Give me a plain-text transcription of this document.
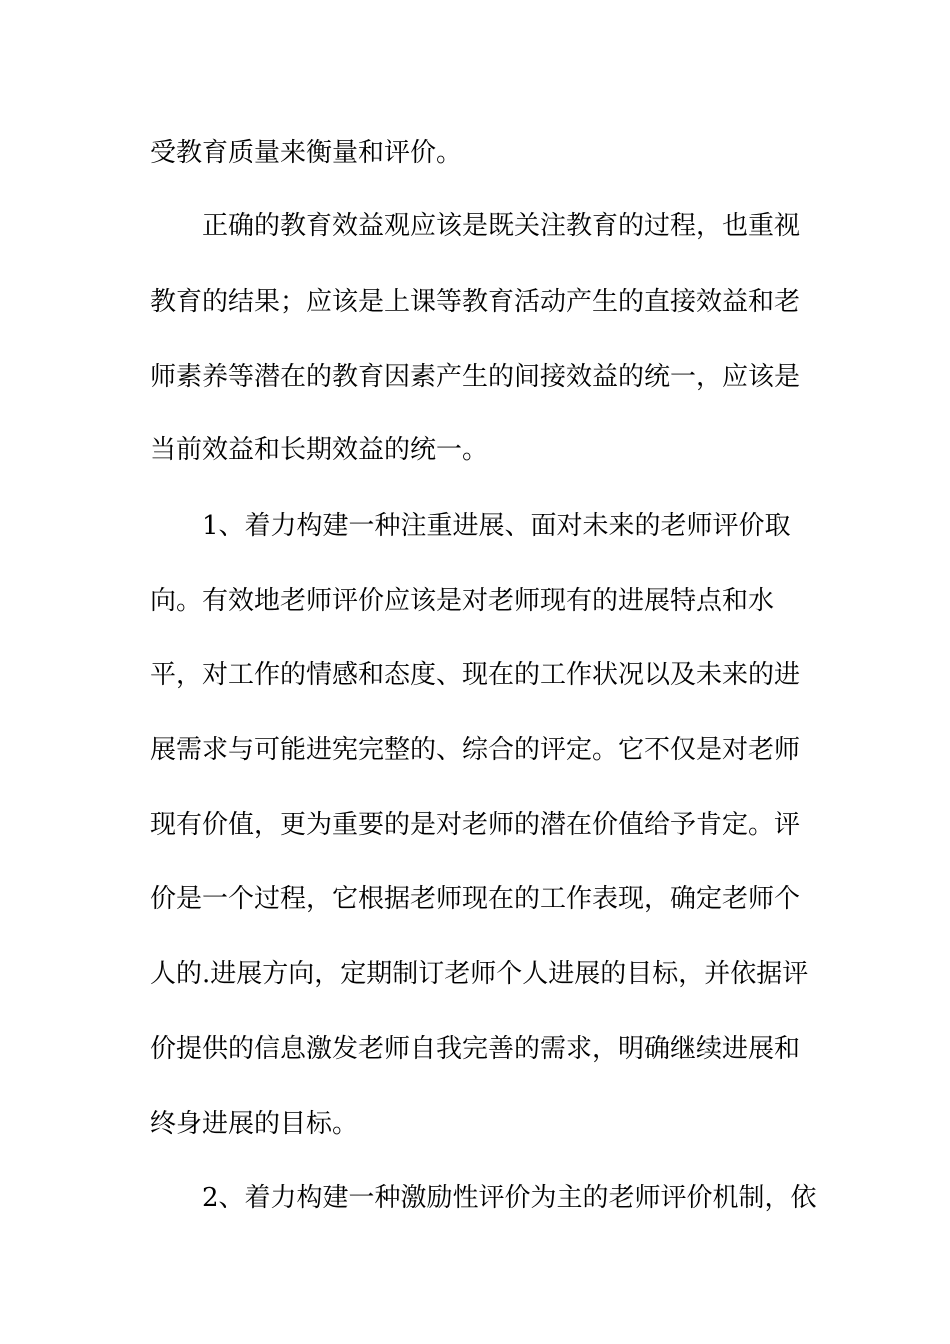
受教育质量来衡量和评价。
正确的教育效益观应该是既关注教育的过程，也重视
教育的结果；应该是上课等教育活动产生的直接效益和老
师素养等潜在的教育因素产生的间接效益的统一，应该是
当前效益和长期效益的统一。
1、着力构建一种注重进展、面对未来的老师评价取
向。有效地老师评价应该是对老师现有的进展特点和水
平，对工作的情感和态度、现在的工作状况以及未来的进
展需求与可能进宪完整的、综合的评定。它不仅是对老师
现有价值，更为重要的是对老师的潜在价值给予肯定。评
价是一个过程，它根据老师现在的工作表现，确定老师个
人的.进展方向，定期制订老师个人进展的目标，并依据评
价提供的信息激发老师自我完善的需求，明确继续进展和
终身进展的目标。
2、着力构建一种激励性评价为主的老师评价机制，依
